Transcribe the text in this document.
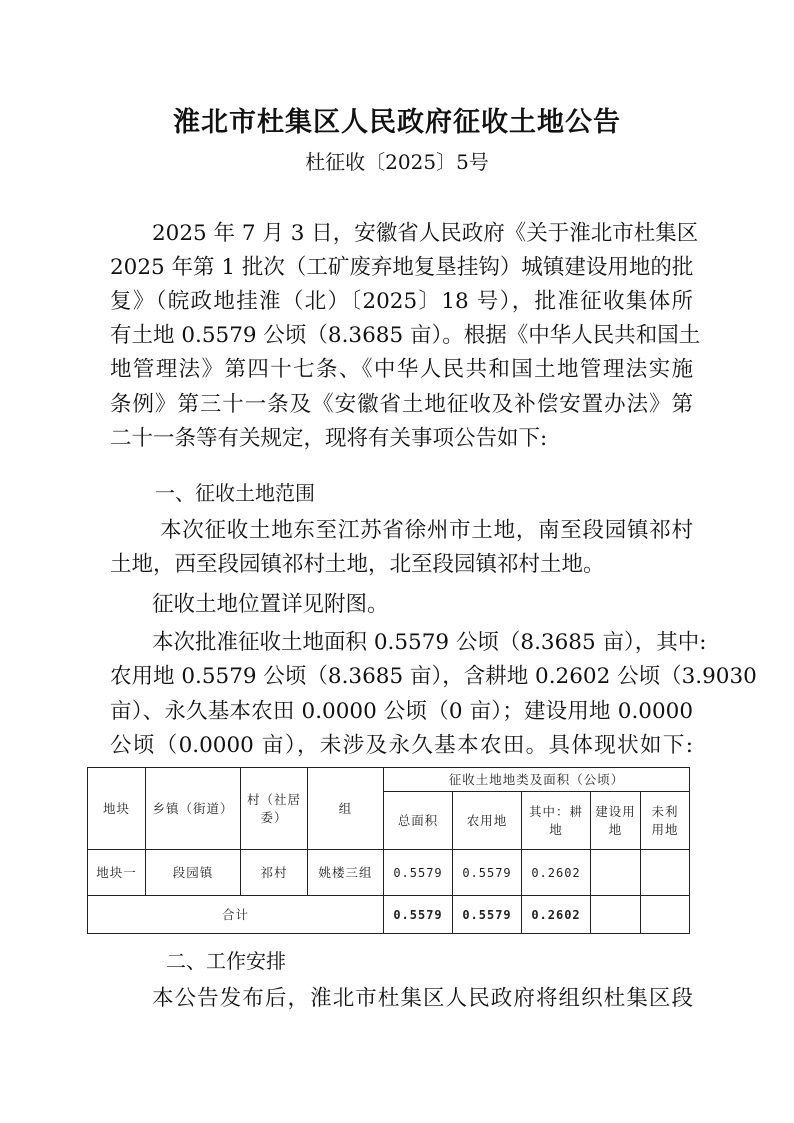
淮北市杜集区人民政府征收土地公告
杜征收〔2025〕5号
2025 年 7 月 3 日，安徽省人民政府《关于淮北市杜集区
2025 年第 1 批次（工矿废弃地复垦挂钩）城镇建设用地的批
复》（皖政地挂淮（北）〔2025〕18 号），批准征收集体所
有土地 0.5579 公顷（8.3685 亩）。根据《中华人民共和国土
地管理法》第四十七条、《中华人民共和国土地管理法实施
条例》第三十一条及《安徽省土地征收及补偿安置办法》第
二十一条等有关规定，现将有关事项公告如下:
一、征收土地范围
本次征收土地东至江苏省徐州市土地，南至段园镇祁村
土地，西至段园镇祁村土地，北至段园镇祁村土地。
征收土地位置详见附图。
本次批准征收土地面积 0.5579 公顷（8.3685 亩），其中:
农用地 0.5579 公顷（8.3685 亩），含耕地 0.2602 公顷（3.9030
亩）、永久基本农田 0.0000 公顷（0 亩）；建设用地 0.0000
公顷（0.0000 亩），未涉及永久基本农田。具体现状如下:
地块	乡镇（街道）	村（社居委）	组	征收土地地类及面积（公顷）				
				总面积	农用地	其中：耕地	建设用地	未利用地
地块一	段园镇	祁村	姚楼三组	0.5579	0.5579	0.2602		
合计				0.5579	0.5579	0.2602		
二、工作安排
本公告发布后，淮北市杜集区人民政府将组织杜集区段
